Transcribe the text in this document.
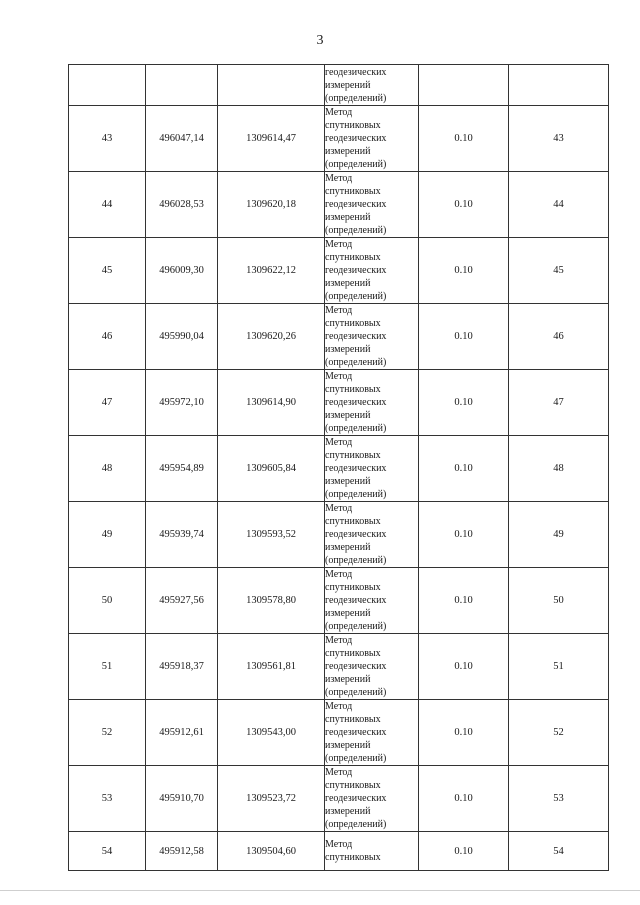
3

			геодезических
измерений
(определений)		

43	496047,14	1309614,47	Метод
спутниковых
геодезических
измерений
(определений)	0.10	43
44	496028,53	1309620,18	Метод
спутниковых
геодезических
измерений
(определений)	0.10	44
45	496009,30	1309622,12	Метод
спутниковых
геодезических
измерений
(определений)	0.10	45
46	495990,04	1309620,26	Метод
спутниковых
геодезических
измерений
(определений)	0.10	46
47	495972,10	1309614,90	Метод
спутниковых
геодезических
измерений
(определений)	0.10	47
48	495954,89	1309605,84	Метод
спутниковых
геодезических
измерений
(определений)	0.10	48
49	495939,74	1309593,52	Метод
спутниковых
геодезических
измерений
(определений)	0.10	49
50	495927,56	1309578,80	Метод
спутниковых
геодезических
измерений
(определений)	0.10	50
51	495918,37	1309561,81	Метод
спутниковых
геодезических
измерений
(определений)	0.10	51
52	495912,61	1309543,00	Метод
спутниковых
геодезических
измерений
(определений)	0.10	52
53	495910,70	1309523,72	Метод
спутниковых
геодезических
измерений
(определений)	0.10	53
54	495912,58	1309504,60	Метод
спутниковых	0.10	54
